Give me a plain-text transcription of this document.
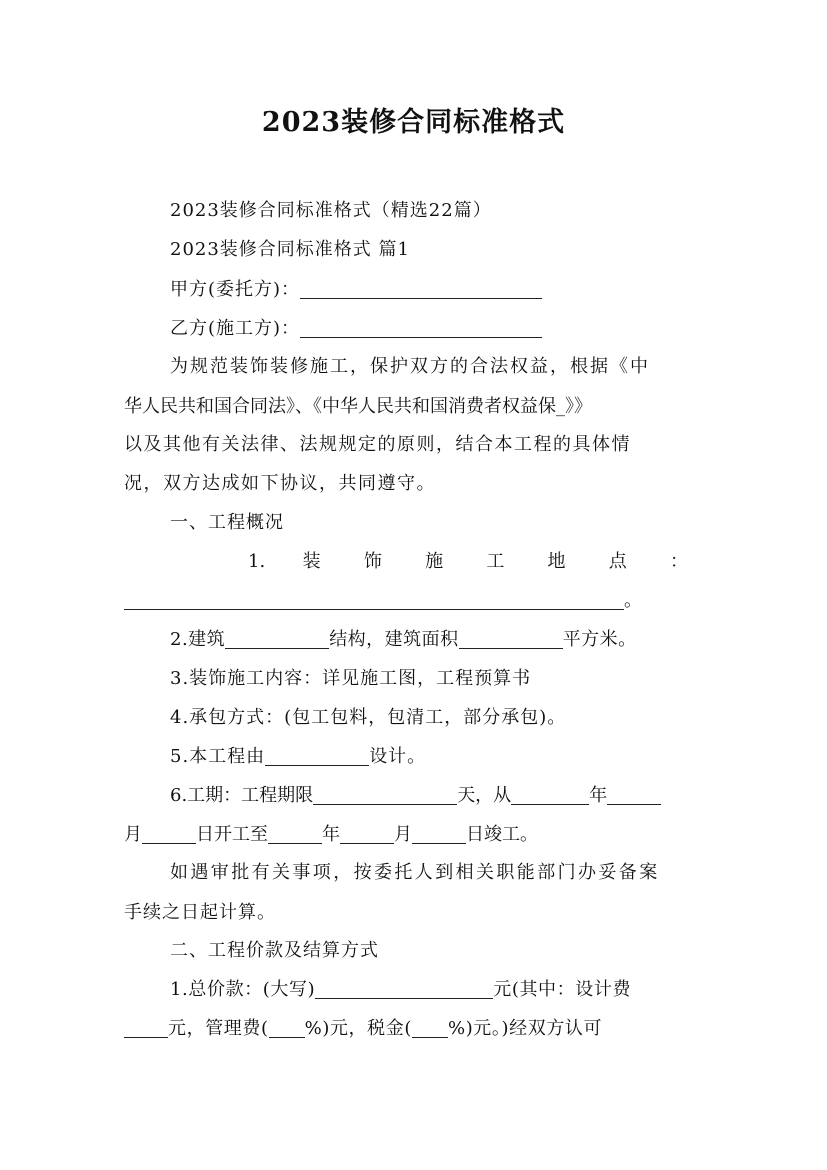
2023装修合同标准格式
2023装修合同标准格式（精选22篇）
2023装修合同标准格式 篇1
甲方(委托方)：
乙方(施工方)：
为规范装饰装修施工，保护双方的合法权益，根据《中
华人民共和国合同法》、《中华人民共和国消费者权益保_》》
以及其他有关法律、法规规定的原则，结合本工程的具体情
况，双方达成如下协议，共同遵守。
一、工程概况
1. 装 饰 施 工 地 点 ：
。
2.建筑	结构，建筑面积	平方米。
3.装饰施工内容：详见施工图，工程预算书
4.承包方式：(包工包料，包清工，部分承包)。
5.本工程由	设计。
6.工期：工程期限	天，从	年
月	日开工至	年	月	日竣工。
如遇审批有关事项，按委托人到相关职能部门办妥备案
手续之日起计算。
二、工程价款及结算方式
1.总价款：(大写)	元(其中：设计费
元，管理费( %)元，税金( %)元。)经双方认可
